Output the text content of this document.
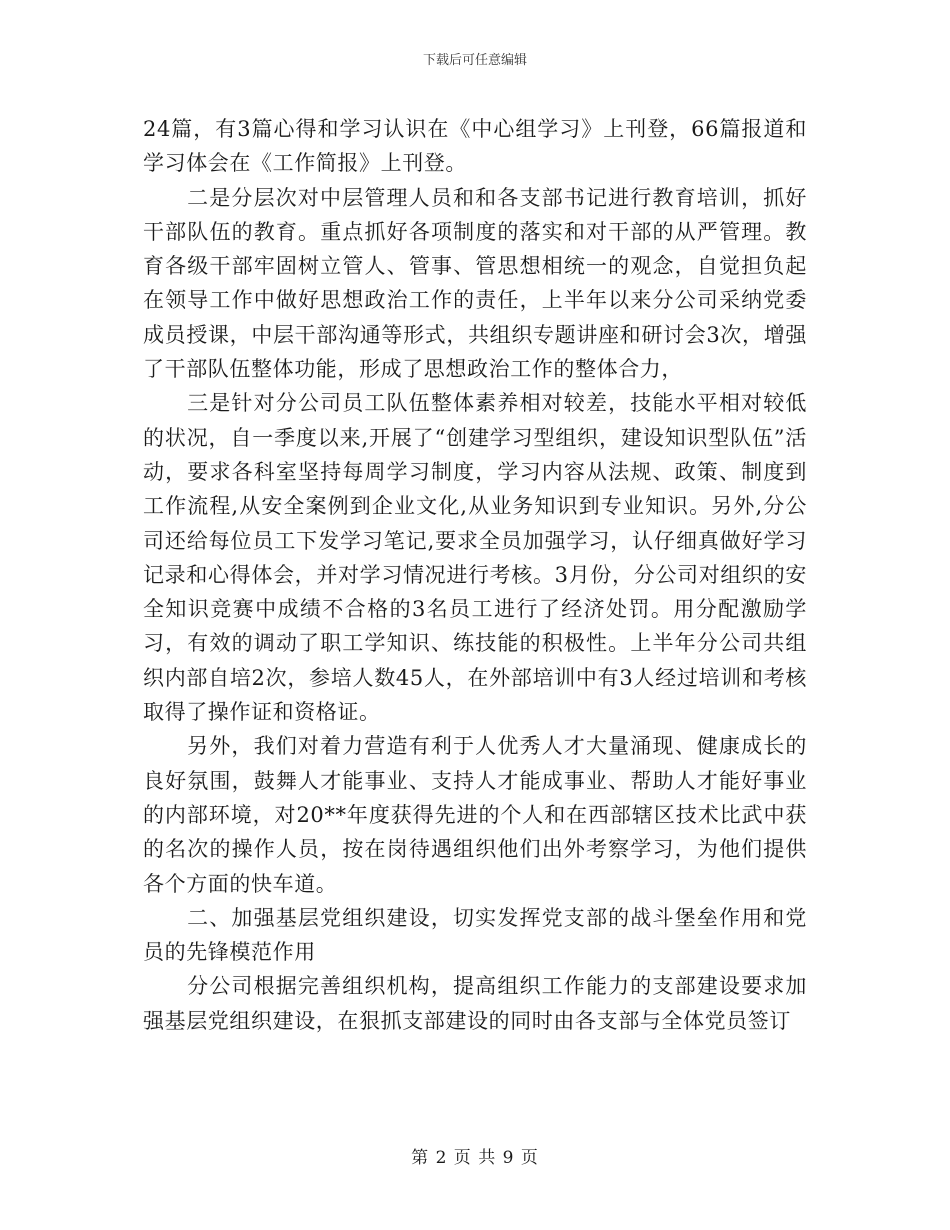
下载后可任意编辑

24篇，有3篇心得和学习认识在《中心组学习》上刊登，66篇报道和学习体会在《工作简报》上刊登。

二是分层次对中层管理人员和和各支部书记进行教育培训，抓好干部队伍的教育。重点抓好各项制度的落实和对干部的从严管理。教育各级干部牢固树立管人、管事、管思想相统一的观念，自觉担负起在领导工作中做好思想政治工作的责任，上半年以来分公司采纳党委成员授课，中层干部沟通等形式，共组织专题讲座和研讨会3次，增强了干部队伍整体功能，形成了思想政治工作的整体合力，

三是针对分公司员工队伍整体素养相对较差，技能水平相对较低的状况，自一季度以来,开展了“创建学习型组织，建设知识型队伍”活动，要求各科室坚持每周学习制度，学习内容从法规、政策、制度到工作流程,从安全案例到企业文化,从业务知识到专业知识。另外,分公司还给每位员工下发学习笔记,要求全员加强学习，认仔细真做好学习记录和心得体会，并对学习情况进行考核。3月份，分公司对组织的安全知识竞赛中成绩不合格的3名员工进行了经济处罚。用分配激励学习，有效的调动了职工学知识、练技能的积极性。上半年分公司共组织内部自培2次，参培人数45人，在外部培训中有3人经过培训和考核取得了操作证和资格证。

另外，我们对着力营造有利于人优秀人才大量涌现、健康成长的良好氛围，鼓舞人才能事业、支持人才能成事业、帮助人才能好事业的内部环境，对20**年度获得先进的个人和在西部辖区技术比武中获的名次的操作人员，按在岗待遇组织他们出外考察学习，为他们提供各个方面的快车道。

二、加强基层党组织建设，切实发挥党支部的战斗堡垒作用和党员的先锋模范作用

分公司根据完善组织机构，提高组织工作能力的支部建设要求加强基层党组织建设，在狠抓支部建设的同时由各支部与全体党员签订

第 2 页 共 9 页
